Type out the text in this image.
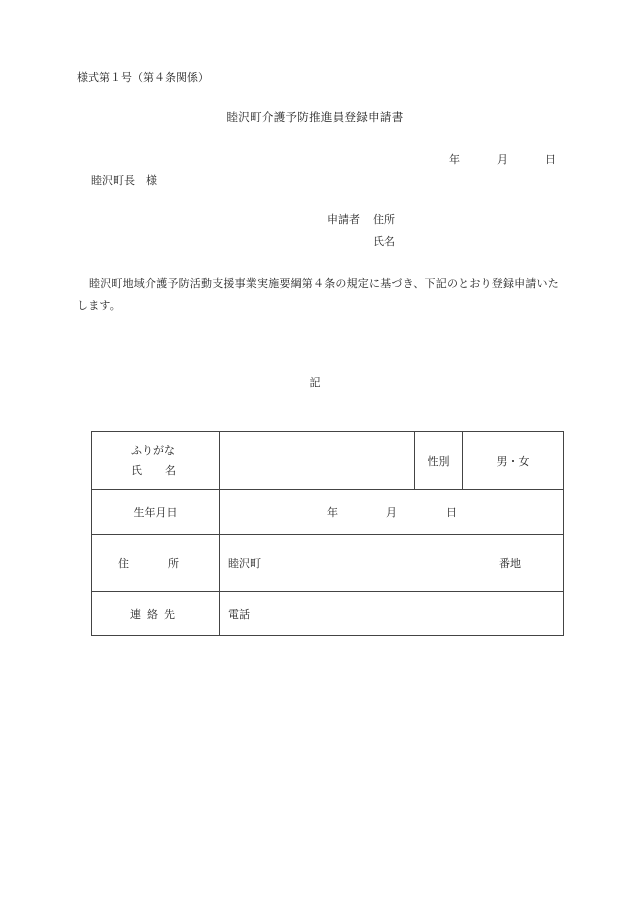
様式第１号（第４条関係）
睦沢町介護予防推進員登録申請書
年	月	日
睦沢町長　様
申請者 住所
氏名
睦沢町地域介護予防活動支援事業実施要綱第４条の規定に基づき、下記のとおり登録申請いたします。
記
ふりがな
氏　名		性別	男・女
生年月日	年 月 日		

住　所	睦沢町 番地		

連絡先	電話		
